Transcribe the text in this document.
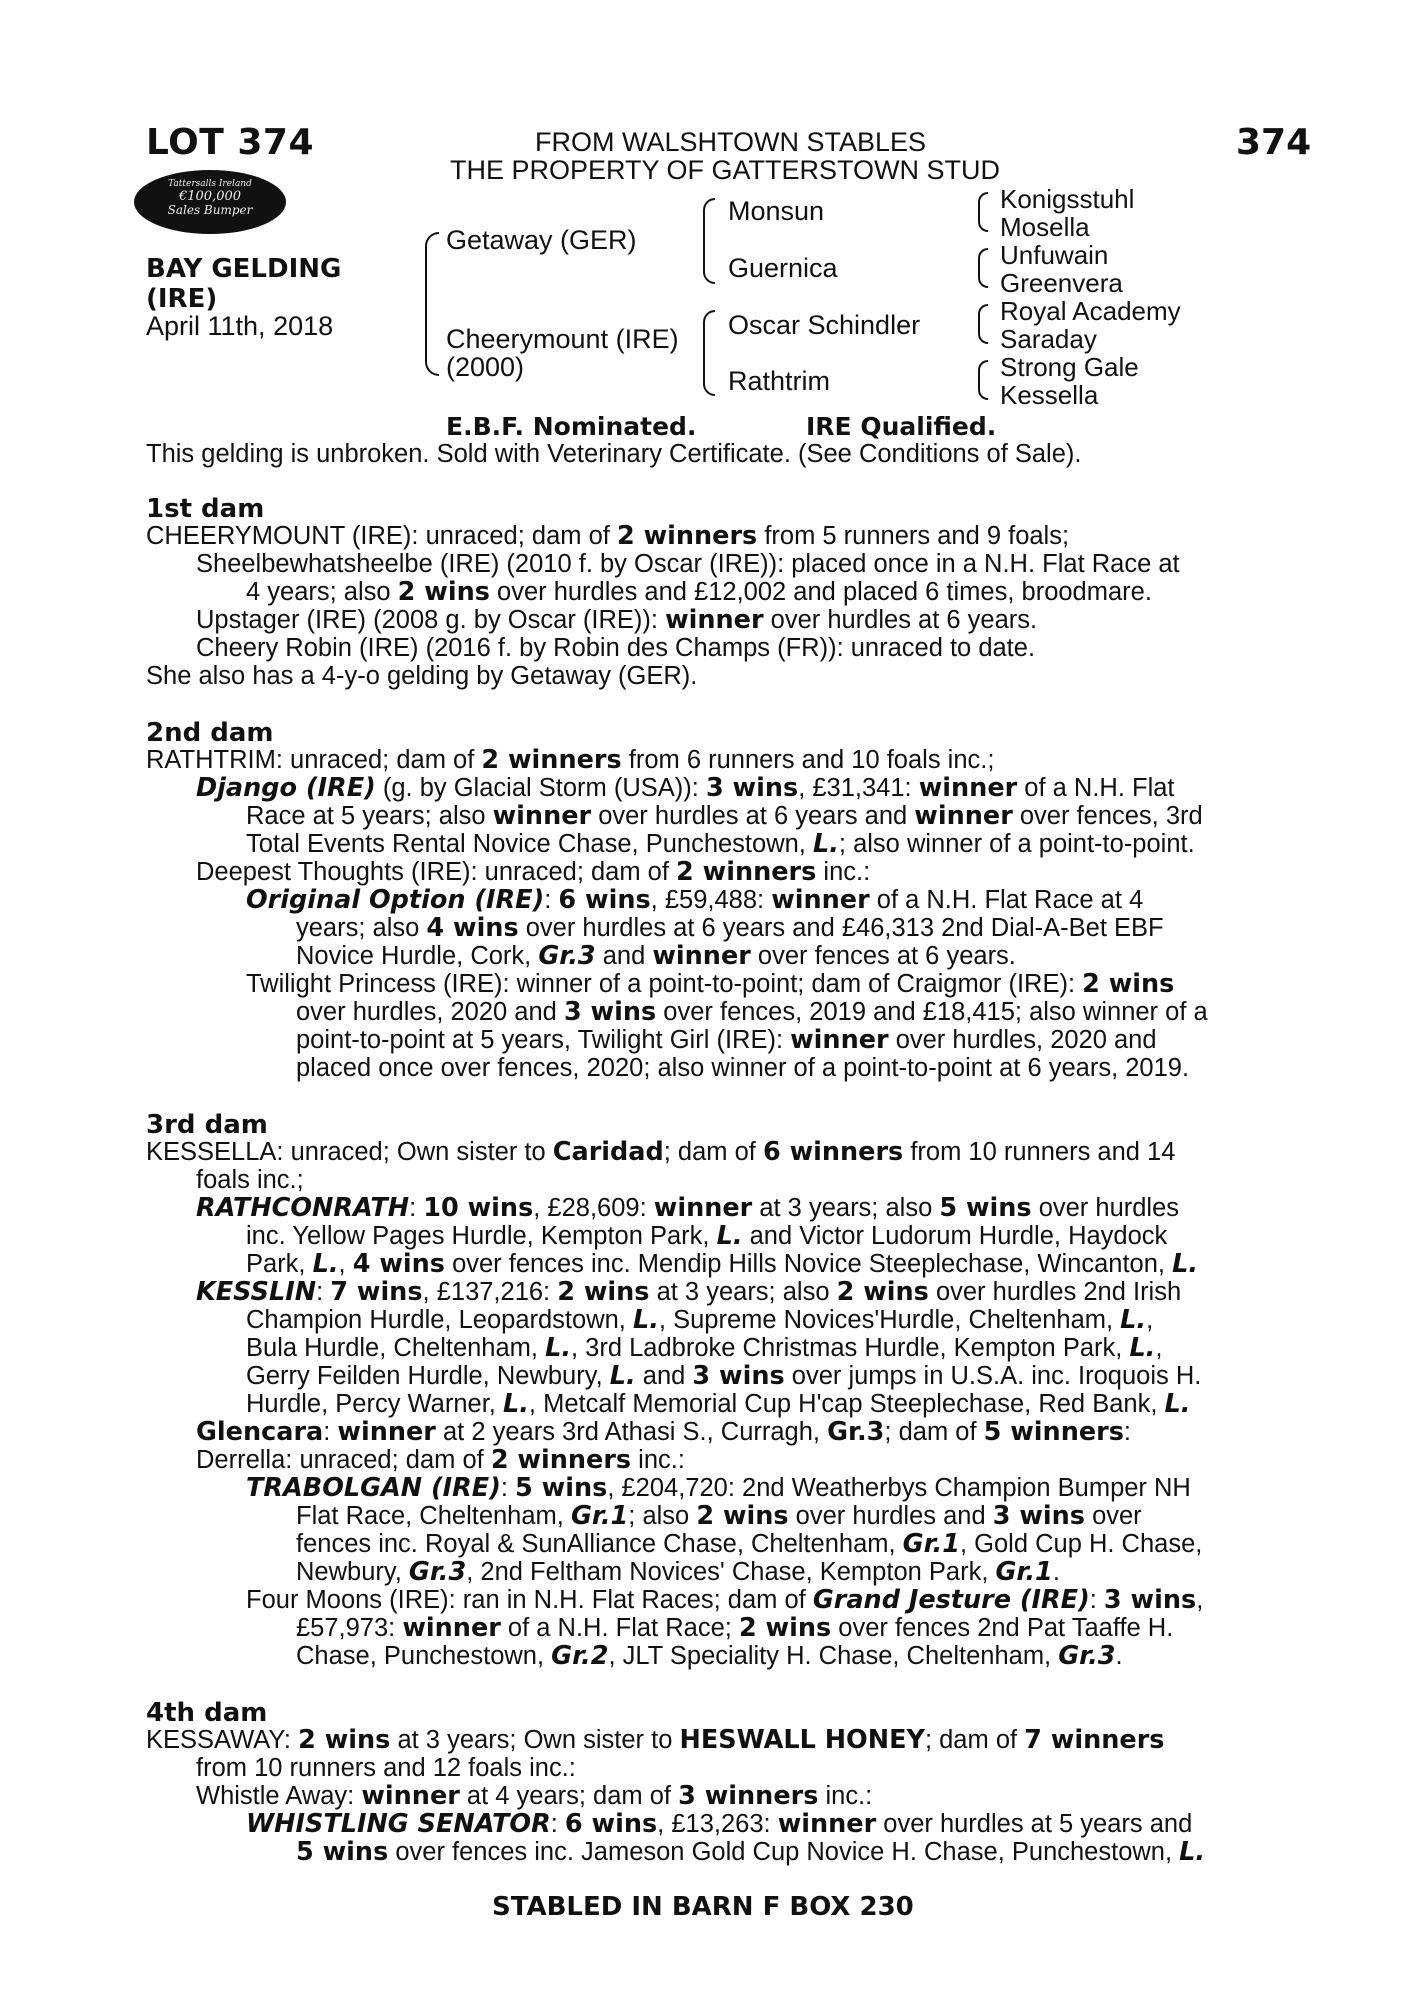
LOT 374	FROM WALSHTOWN STABLES
THE PROPERTY OF GATTERSTOWN STUD
374
Tattersalls Ireland
€100,000
Sales Bumper
BAY GELDING
(IRE)
April 11th, 2018
Getaway (GER)
Cheerymount (IRE)
(2000)
Monsun
Guernica
Oscar Schindler
Rathtrim
Konigsstuhl
Mosella
Unfuwain
Greenvera
Royal Academy
Saraday
Strong Gale
Kessella
E.B.F. Nominated.	IRE Qualified.
This gelding is unbroken. Sold with Veterinary Certificate. (See Conditions of Sale).
1st dam
CHEERYMOUNT (IRE): unraced; dam of 2 winners from 5 runners and 9 foals;
Sheelbewhatsheelbe (IRE) (2010 f. by Oscar (IRE)): placed once in a N.H. Flat Race at
4 years; also 2 wins over hurdles and £12,002 and placed 6 times, broodmare.
Upstager (IRE) (2008 g. by Oscar (IRE)): winner over hurdles at 6 years.
Cheery Robin (IRE) (2016 f. by Robin des Champs (FR)): unraced to date.
She also has a 4-y-o gelding by Getaway (GER).
2nd dam
RATHTRIM: unraced; dam of 2 winners from 6 runners and 10 foals inc.;
Django (IRE) (g. by Glacial Storm (USA)): 3 wins, £31,341: winner of a N.H. Flat
Race at 5 years; also winner over hurdles at 6 years and winner over fences, 3rd
Total Events Rental Novice Chase, Punchestown, L.; also winner of a point-to-point.
Deepest Thoughts (IRE): unraced; dam of 2 winners inc.:
Original Option (IRE): 6 wins, £59,488: winner of a N.H. Flat Race at 4
years; also 4 wins over hurdles at 6 years and £46,313 2nd Dial-A-Bet EBF
Novice Hurdle, Cork, Gr.3 and winner over fences at 6 years.
Twilight Princess (IRE): winner of a point-to-point; dam of Craigmor (IRE): 2 wins
over hurdles, 2020 and 3 wins over fences, 2019 and £18,415; also winner of a
point-to-point at 5 years, Twilight Girl (IRE): winner over hurdles, 2020 and
placed once over fences, 2020; also winner of a point-to-point at 6 years, 2019.
3rd dam
KESSELLA: unraced; Own sister to Caridad; dam of 6 winners from 10 runners and 14
foals inc.;
RATHCONRATH: 10 wins, £28,609: winner at 3 years; also 5 wins over hurdles
inc. Yellow Pages Hurdle, Kempton Park, L. and Victor Ludorum Hurdle, Haydock
Park, L., 4 wins over fences inc. Mendip Hills Novice Steeplechase, Wincanton, L.
KESSLIN: 7 wins, £137,216: 2 wins at 3 years; also 2 wins over hurdles 2nd Irish
Champion Hurdle, Leopardstown, L., Supreme Novices'Hurdle, Cheltenham, L.,
Bula Hurdle, Cheltenham, L., 3rd Ladbroke Christmas Hurdle, Kempton Park, L.,
Gerry Feilden Hurdle, Newbury, L. and 3 wins over jumps in U.S.A. inc. Iroquois H.
Hurdle, Percy Warner, L., Metcalf Memorial Cup H'cap Steeplechase, Red Bank, L.
Glencara: winner at 2 years 3rd Athasi S., Curragh, Gr.3; dam of 5 winners:
Derrella: unraced; dam of 2 winners inc.:
TRABOLGAN (IRE): 5 wins, £204,720: 2nd Weatherbys Champion Bumper NH
Flat Race, Cheltenham, Gr.1; also 2 wins over hurdles and 3 wins over
fences inc. Royal & SunAlliance Chase, Cheltenham, Gr.1, Gold Cup H. Chase,
Newbury, Gr.3, 2nd Feltham Novices' Chase, Kempton Park, Gr.1.
Four Moons (IRE): ran in N.H. Flat Races; dam of Grand Jesture (IRE): 3 wins,
£57,973: winner of a N.H. Flat Race; 2 wins over fences 2nd Pat Taaffe H.
Chase, Punchestown, Gr.2, JLT Speciality H. Chase, Cheltenham, Gr.3.
4th dam
KESSAWAY: 2 wins at 3 years; Own sister to HESWALL HONEY; dam of 7 winners
from 10 runners and 12 foals inc.:
Whistle Away: winner at 4 years; dam of 3 winners inc.:
WHISTLING SENATOR: 6 wins, £13,263: winner over hurdles at 5 years and
5 wins over fences inc. Jameson Gold Cup Novice H. Chase, Punchestown, L.
STABLED IN BARN F BOX 230
